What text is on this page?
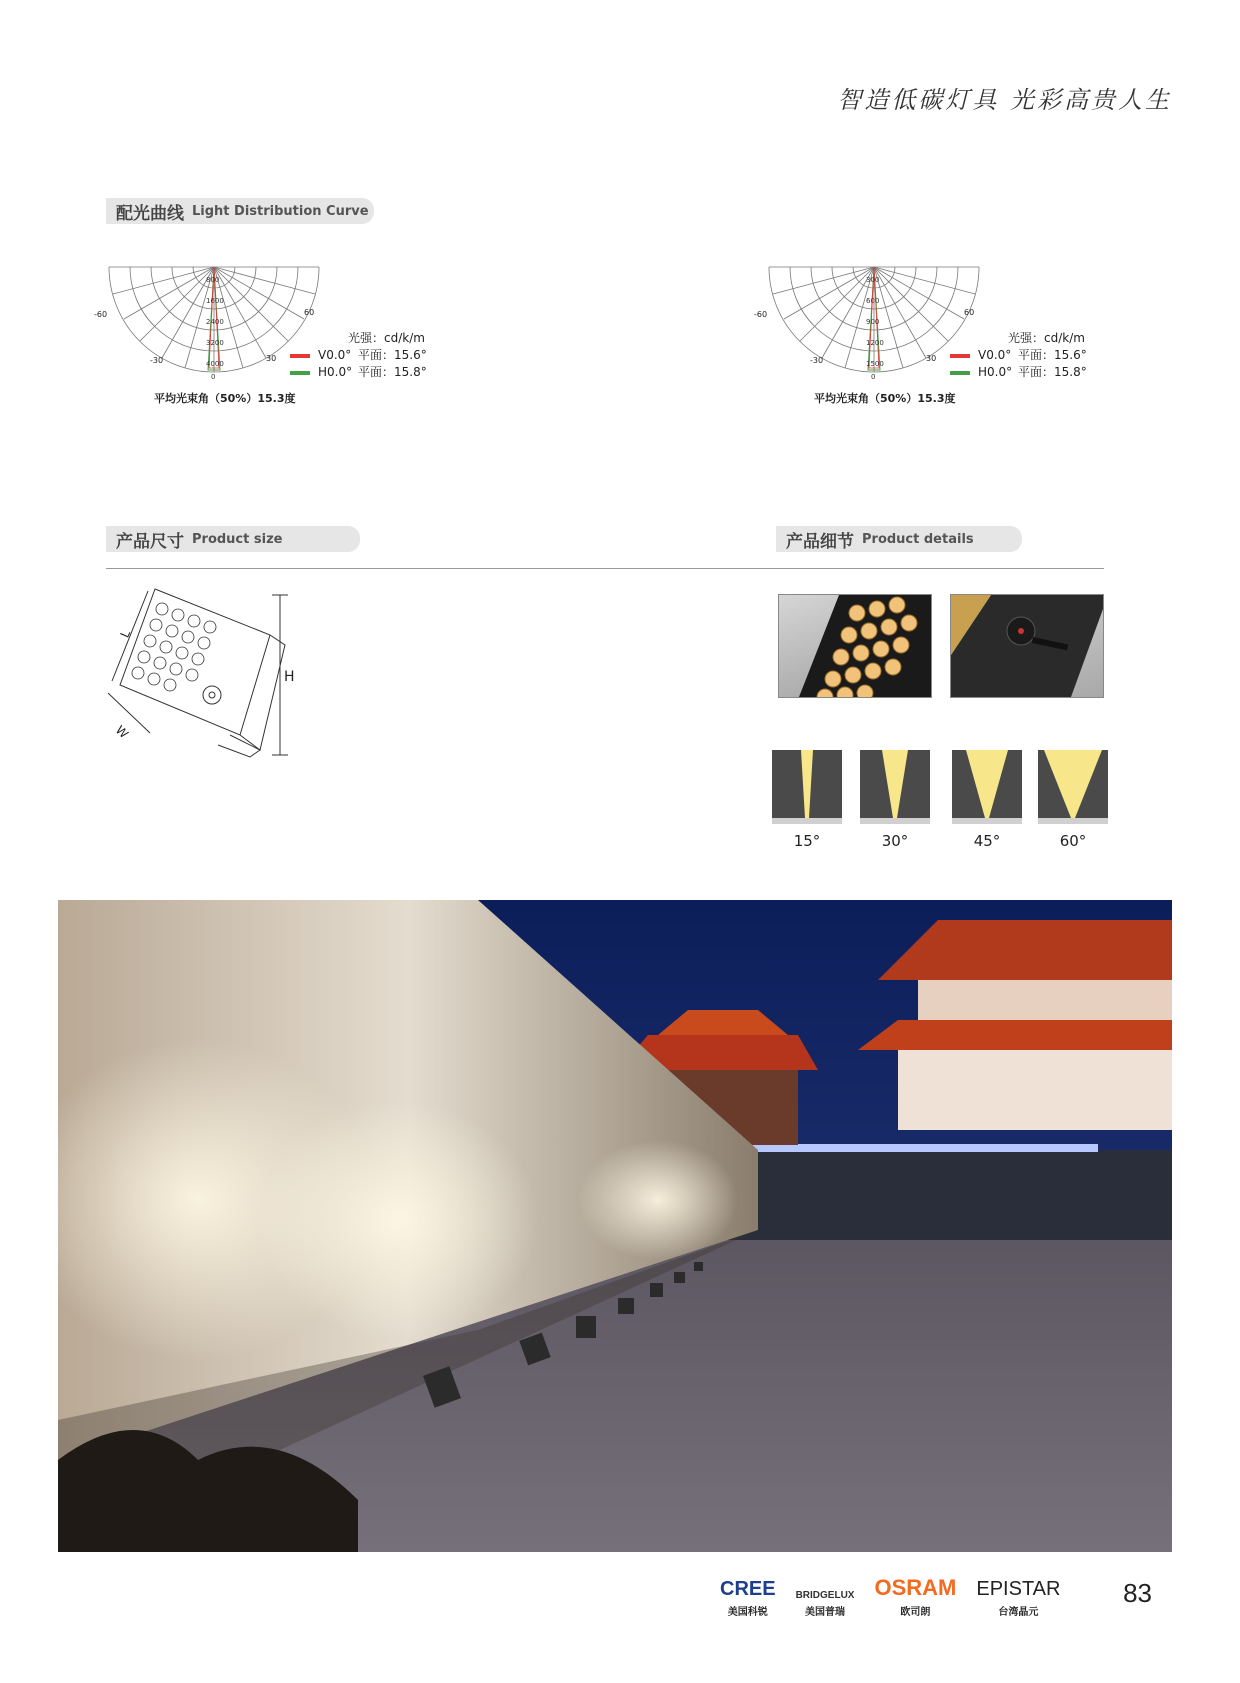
智造低碳灯具 光彩高贵人生
配光曲线 Light Distribution Curve
800
1600
2400
3200
4000
0
-60	60
-30	30
光强：cd/k/m
V0.0° 平面：15.6°
H0.0° 平面：15.8°
平均光束角（50%）15.3度
300
600
900
1200
1500
0
-60	60
-30	30
光强：cd/k/m
V0.0° 平面：15.6°
H0.0° 平面：15.8°
平均光束角（50%）15.3度
产品尺寸 Product size	产品细节 Product details
L
W
H
15°	30°	45°	60°
CREE
美国科锐
BRIDGELUX
美国普瑞
OSRAM
欧司朗
EPISTAR
台湾晶元
83
